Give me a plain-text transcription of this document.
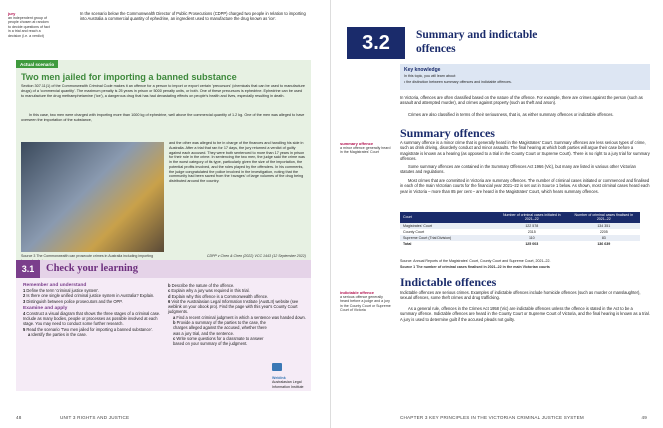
jury
an independent group of people chosen at random to decide questions of fact in a trial and reach a decision (i.e. a verdict)
In the scenario below the Commonwealth Director of Public Prosecutions (CDPP) charged two people in relation to importing into Australia a commercial quantity of ephedrine, an ingredient used to manufacture the drug known as 'ice'.
Two men jailed for importing a banned substance
Section 307.11(1) of the Commonwealth Criminal Code makes it an offence for a person to import or export certain 'precursors' (chemicals that can be used to manufacture drugs) of a 'commercial quantity'. The maximum penalty is 25 years in prison or 5000 penalty units, or both. One of these precursors is ephedrine. Ephedrine can be used to manufacture the drug methamphetamine ('ice'), a dangerous drug that has had devastating effects on people's health and lives, especially resulting in death.
In this case, two men were charged with importing more than 1000 kg of ephedrine, well above the commercial quantity of 1.2 kg. One of the men was alleged to have overseen the importation of the substance,
and the other was alleged to be in charge of the finances and handling his side in Australia. After a trial that ran for 17 days, the jury returned a verdict of guilty against each accused. They were both sentenced to more than 17 years in prison for their role in the crime. In sentencing the two men, the judge said the crime was in the worst category of its type, particularly given the size of the importation, the potential profits involved, and the roles played by the offenders. In his comments, the judge congratulated the police involved in the investigation, noting that the community had been saved from the 'ravages' of large volumes of the drug being distributed around the country.
Source 3 The Commonwealth can prosecute crimes in Australia including importing	CDPP v Chen & Chen (2022) VCC 1443 (12 September 2022)
Actual scenario
3.1	Check your learning
Remember and understand
1 Define the term 'criminal justice system'.
2 Is there one single unified criminal justice system in Australia? Explain.
3 Distinguish between police prosecutors and the OPP.
Examine and apply
4 Construct a visual diagram that shows the three stages of a criminal case. Include as many bodies, people or processes as possible involved at each stage. You may need to conduct some further research.
5 Read the scenario 'Two men jailed for importing a banned substance'.
a Identify the parties in the case.
b Describe the nature of the offence.
c Explain why a jury was required in this trial.
d Explain why this offence is a Commonwealth offence.
6 Visit the Australasian Legal Information Institute (AustLII) website (see weblink on your obook pro). Find the page with this year's County Court judgments.
a Find a recent criminal judgment in which a sentence was handed down.
b Provide a summary of the parties to the case, the charges alleged against the accused, whether there was a jury trial, and the sentence.
c Write some questions for a classmate to answer based on your summary of the judgment.
Weblink
Australasian Legal Information Institute
48	UNIT 3 RIGHTS AND JUSTICE
3.2	Summary and indictable offences
Key knowledge
In this topic, you will learn about:
• the distinction between summary offences and indictable offences.
In Victoria, offences are often classified based on the nature of the offence. For example, there are crimes against the person (such as assault and attempted murder), and crimes against property (such as theft and arson).
Crimes are also classified in terms of their seriousness, that is, as either summary offences or indictable offences.
Summary offences
summary offence
a minor offence generally heard in the Magistrates' Court
A summary offence is a minor crime that is generally heard in the Magistrates' Court. Summary offences are less serious types of crime, such as drink driving, disorderly conduct and minor assaults. The final hearing at which both parties will argue their case before a magistrate is known as a hearing (as opposed to a trial in the County Court or Supreme Court). There is no right to a jury trial for summary offences.
Some summary offences are contained in the Summary Offences Act 1966 (Vic), but many are listed in various other Victorian statutes and regulations.
Most crimes that are committed in Victoria are summary offences. The number of criminal cases initiated or commenced and finalised in each of the main Victorian courts for the financial year 2021–22 is set out in Source 1 below. As shown, most criminal cases heard each year in Victoria – more than 85 per cent – are heard in the Magistrates' Court, which hears summary offences.
Court	Number of criminal cases initiated in 2021–22	Number of criminal cases finalised in 2021–22
Magistrates' Court	122 578	134 351
County Court	2315	2205
Supreme Court (Trial Division)	110	83
Total	125 003	136 639
Source: Annual Reports of the Magistrates' Court, County Court and Supreme Court, 2021–22.
Source 1 The number of criminal cases finalised in 2021–22 in the main Victorian courts
Indictable offences
indictable offence
a serious offence generally heard before a judge and a jury in the County Court or Supreme Court of Victoria
Indictable offences are serious crimes. Examples of indictable offences include homicide offences (such as murder or manslaughter), sexual offences, some theft crimes and drug trafficking.
As a general rule, offences in the Crimes Act 1958 (Vic) are indictable offences unless the offence is stated in the Act to be a summary offence. Indictable offences are heard in the County Court or Supreme Court of Victoria, and the final hearing is known as a trial. A jury is used to determine guilt if the accused pleads not guilty.
CHAPTER 3 KEY PRINCIPLES IN THE VICTORIAN CRIMINAL JUSTICE SYSTEM	49
